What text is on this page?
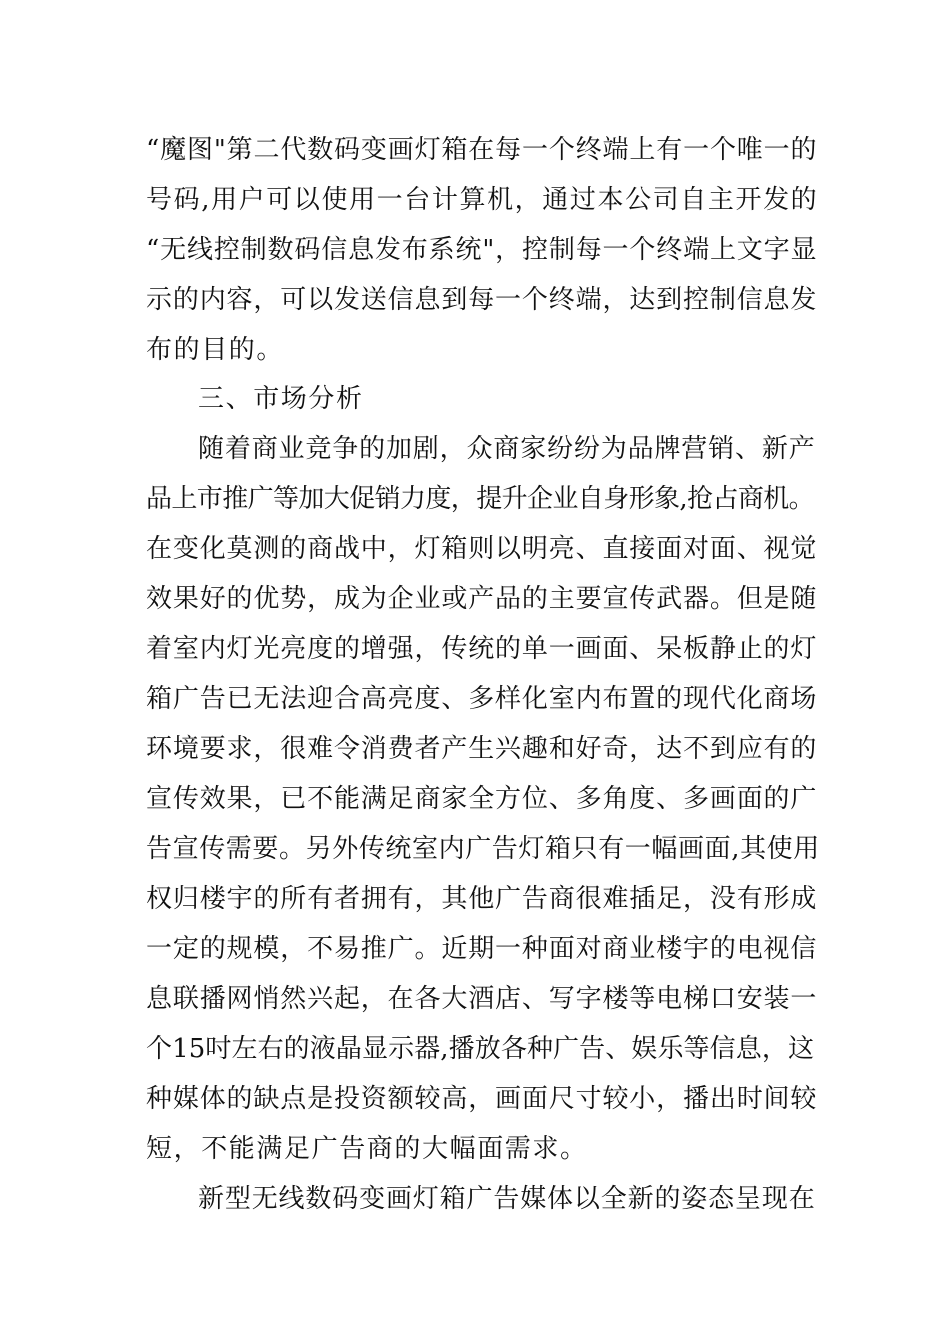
“魔图"第二代数码变画灯箱在每一个终端上有一个唯一的
号码,用户可以使用一台计算机，通过本公司自主开发的
“无线控制数码信息发布系统"，控制每一个终端上文字显
示的内容，可以发送信息到每一个终端，达到控制信息发
布的目的。
三、市场分析
随着商业竞争的加剧，众商家纷纷为品牌营销、新产
品上市推广等加大促销力度，提升企业自身形象,抢占商机。
在变化莫测的商战中，灯箱则以明亮、直接面对面、视觉
效果好的优势，成为企业或产品的主要宣传武器。但是随
着室内灯光亮度的增强，传统的单一画面、呆板静止的灯
箱广告已无法迎合高亮度、多样化室内布置的现代化商场
环境要求，很难令消费者产生兴趣和好奇，达不到应有的
宣传效果，已不能满足商家全方位、多角度、多画面的广
告宣传需要。另外传统室内广告灯箱只有一幅画面,其使用
权归楼宇的所有者拥有，其他广告商很难插足，没有形成
一定的规模，不易推广。近期一种面对商业楼宇的电视信
息联播网悄然兴起，在各大酒店、写字楼等电梯口安装一
个15吋左右的液晶显示器,播放各种广告、娱乐等信息，这
种媒体的缺点是投资额较高，画面尺寸较小，播出时间较
短，不能满足广告商的大幅面需求。
新型无线数码变画灯箱广告媒体以全新的姿态呈现在
